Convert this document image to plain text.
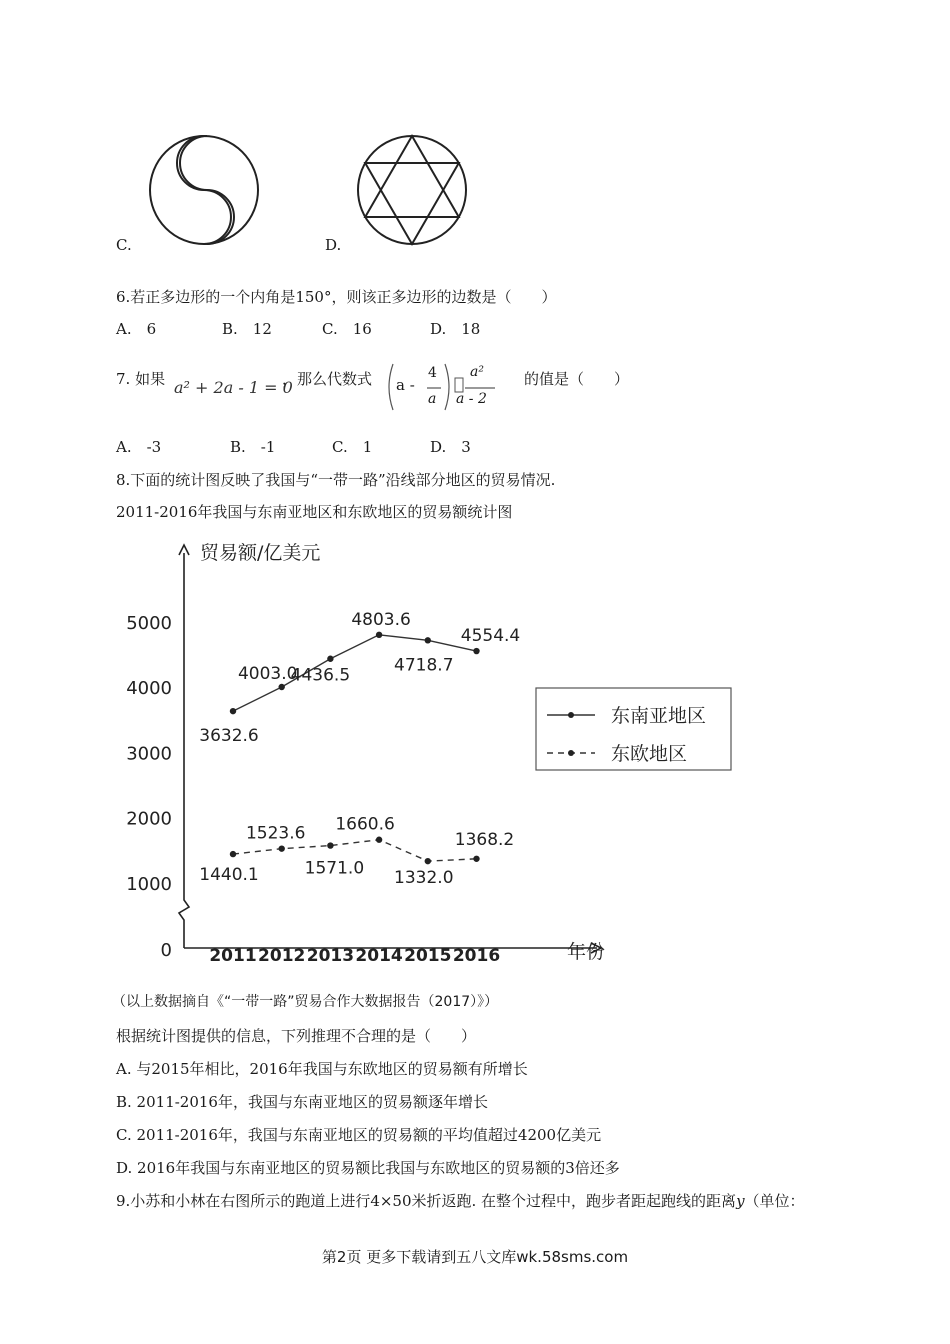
C.	D.
6.若正多边形的一个内角是150°，则该正多边形的边数是（　　）
A.　6	B.　12	C.　16	D.　18
7. 如果 a² + 2a - 1 = 0
，那么代数式 a -
4
a
a²
a - 2
的值是（　　）
A.　-3	B.　-1	C.　1	D.　3
8.下面的统计图反映了我国与“一带一路”沿线部分地区的贸易情况.
2011-2016年我国与东南亚地区和东欧地区的贸易额统计图
贸易额/亿美元
年份
0
1000
2000
3000
4000
5000
2011 2012 2013 2014 2015 2016
3632.6
4003.0
4436.5
4803.6
4718.7
4554.4
1440.1
1523.6
1571.0
1660.6
1332.0
1368.2
东南亚地区
东欧地区
（以上数据摘自《“一带一路”贸易合作大数据报告（2017）》）
根据统计图提供的信息，下列推理不合理的是（　　）
A. 与2015年相比，2016年我国与东欧地区的贸易额有所增长
B. 2011-2016年，我国与东南亚地区的贸易额逐年增长
C. 2011-2016年，我国与东南亚地区的贸易额的平均值超过4200亿美元
D. 2016年我国与东南亚地区的贸易额比我国与东欧地区的贸易额的3倍还多
9.小苏和小林在右图所示的跑道上进行4×50米折返跑. 在整个过程中，跑步者距起跑线的距离y（单位：
第2页 更多下载请到五八文库wk.58sms.com
